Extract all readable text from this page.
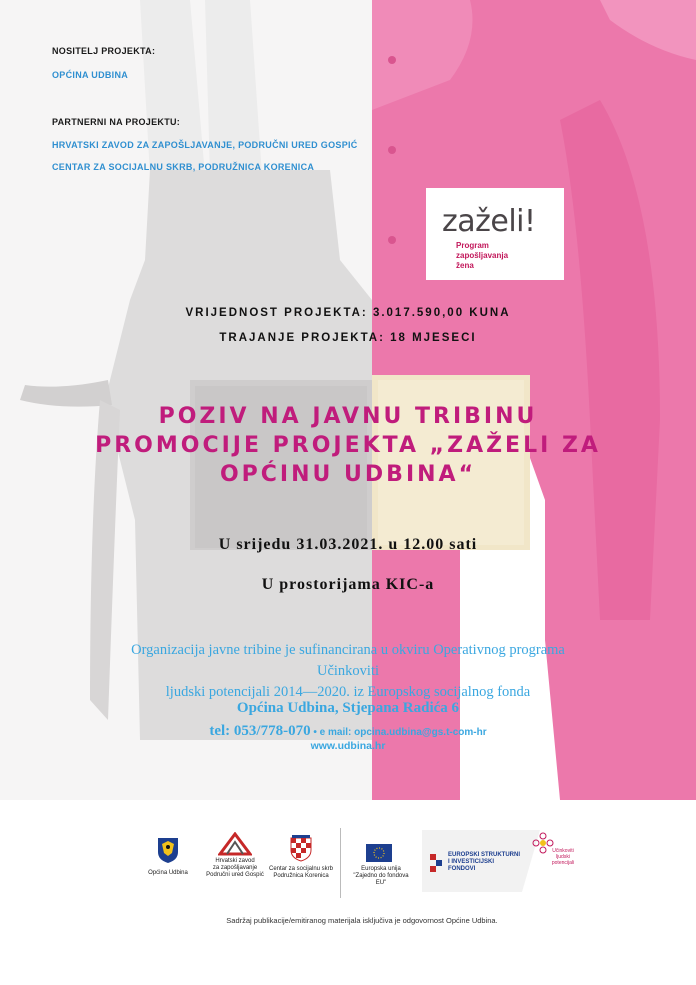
NOSITELJ PROJEKTA:
OPĆINA UDBINA
PARTNERNI NA PROJEKTU:
HRVATSKI ZAVOD ZA ZAPOŠLJAVANJE, PODRUČNI URED GOSPIĆ
CENTAR ZA SOCIJALNU SKRB, PODRUŽNICA KORENICA
zaželi!
Program
zapošljavanja
žena
VRIJEDNOST PROJEKTA: 3.017.590,00 KUNA
TRAJANJE PROJEKTA: 18 MJESECI
POZIV NA JAVNU TRIBINU
PROMOCIJE PROJEKTA „ZAŽELI ZA
OPĆINU UDBINA“
U srijedu 31.03.2021. u 12.00 sati
U prostorijama KIC-a
Organizacija javne tribine je sufinancirana u okviru Operativnog programa Učinkoviti
ljudski potencijali 2014—2020. iz Europskog socijalnog fonda
Općina Udbina, Stjepana Radića 6
tel: 053/778-070 • e mail: opcina.udbina@gs.t-com-hr
www.udbina.hr
Općina Udbina
Hrvatski zavod
za zapošljavanje
Područni ured Gospić
Centar za socijalnu skrb
Podružnica Korenica
Europska unija
"Zajedno do fondova EU"
EUROPSKI STRUKTURNI
I INVESTICIJSKI FONDOVI
Učinkoviti
ljudski
potencijali
Sadržaj publikacije/emitiranog materijala isključiva je odgovornost Općine Udbina.
